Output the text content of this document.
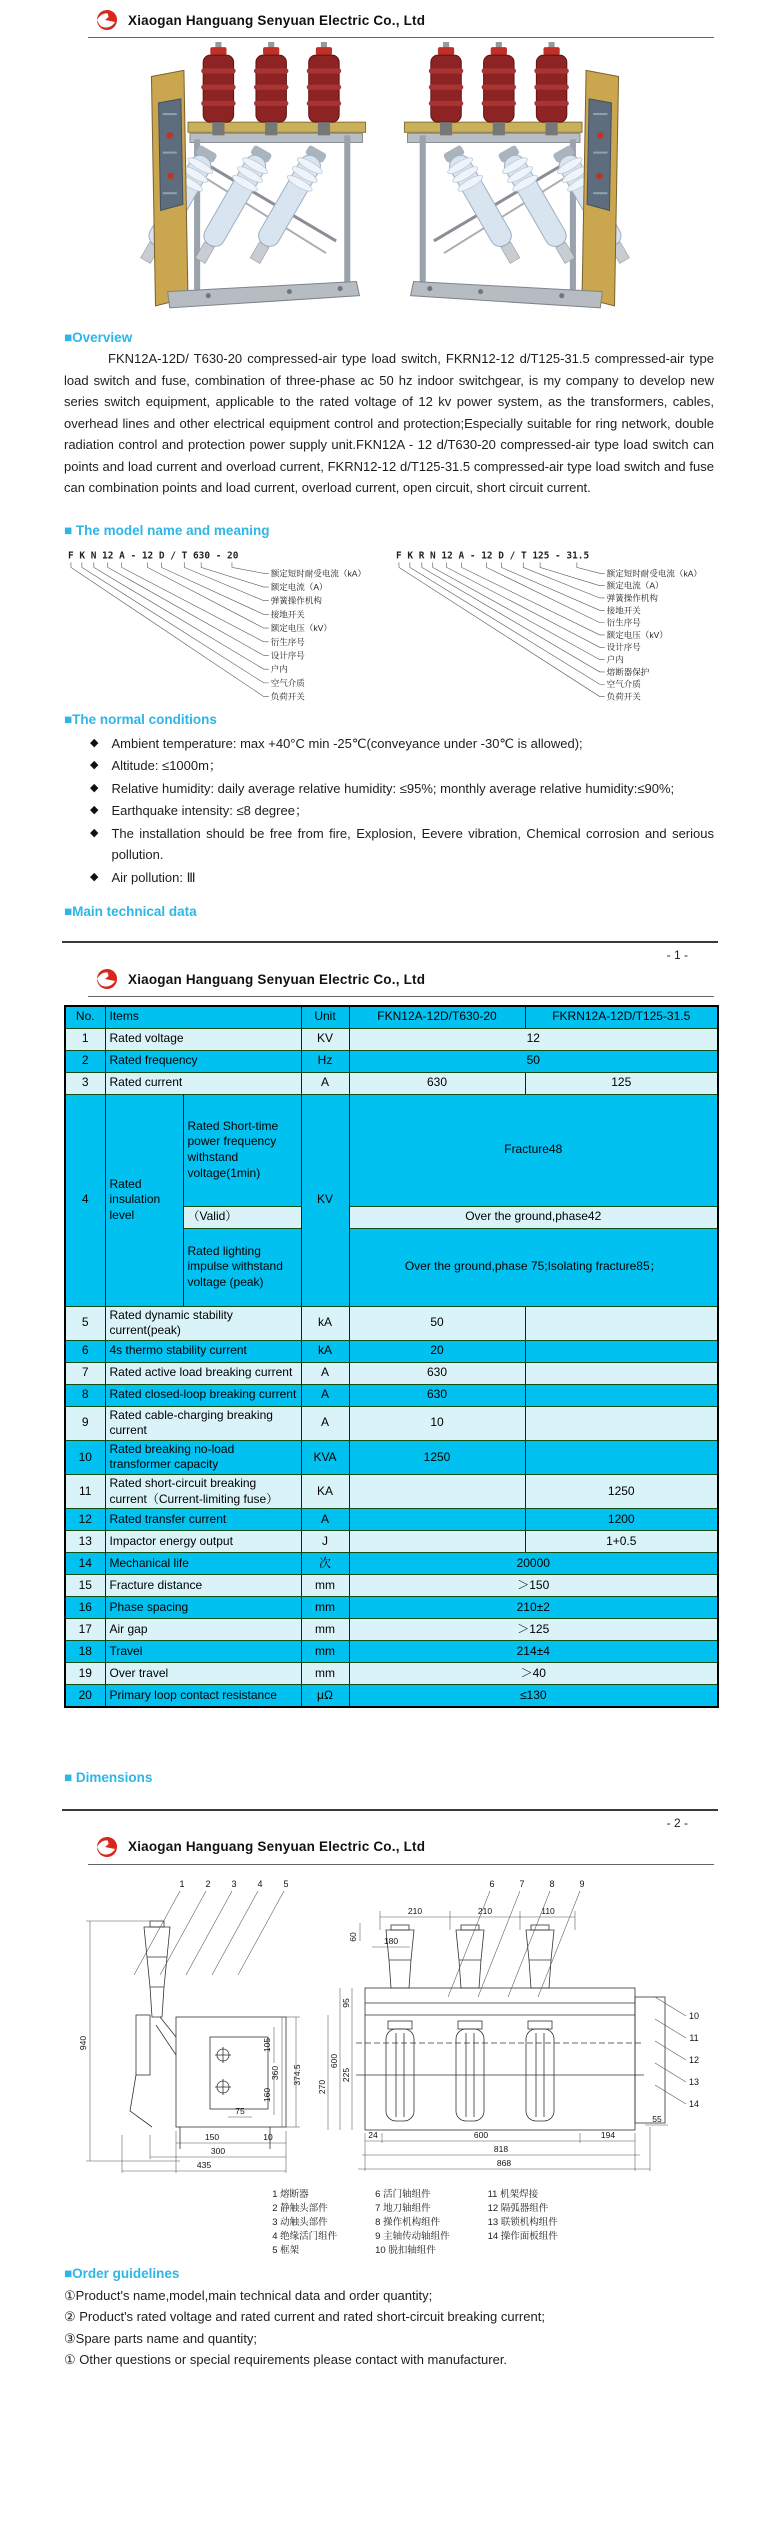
Xiaogan Hanguang Senyuan Electric Co., Ltd
■Overview

FKN12A-12D/ T630-20 compressed-air type load switch, FKRN12-12 d/T125-31.5 compressed-air type load switch and fuse, combination of three-phase ac 50 hz indoor switchgear, is my company to develop new series switch equipment, applicable to the rated voltage of 12 kv power system, as the transformers, cables, overhead lines and other electrical equipment control and protection;Especially suitable for ring network, double radiation control and protection power supply unit.FKN12A - 12 d/T630-20 compressed-air type load switch can points and load current and overload current, FKRN12-12 d/T125-31.5 compressed-air type load switch and fuse can combination points and load current, overload current, open circuit, short circuit current.

■ The model name and meaning
F K N 12 A - 12 D / T 630 - 20
额定短时耐受电流（kA）
额定电流（A）
弹簧操作机构
接地开关
额定电压（kV）
衍生序号
设计序号
户内
空气介质
负荷开关
F K R N 12 A - 12 D / T 125 - 31.5
额定短时耐受电流（kA）
额定电流（A）
弹簧操作机构
接地开关
衍生序号
额定电压（kV）
设计序号
户内
熔断器保护
空气介质
负荷开关
■The normal conditions
◆ Ambient temperature: max +40°C min -25℃(conveyance under -30℃ is allowed);
◆ Altitude: ≤1000m；
◆ Relative humidity: daily average relative humidity: ≤95%; monthly average relative humidity:≤90%;
◆ Earthquake intensity: ≤8 degree；
◆ The installation should be free from fire, Explosion, Eevere vibration, Chemical corrosion and serious pollution.
◆ Air pollution: Ⅲ
■Main technical data
- 1 -
Xiaogan Hanguang Senyuan Electric Co., Ltd
No.	Items		Unit	FKN12A-12D/T630-20	FKRN12A-12D/T125-31.5
1	Rated voltage		KV	12	
2	Rated frequency		Hz	50	
3	Rated current		A	630	125
4	Rated insulation level	Rated Short-time power frequency withstand voltage(1min)	KV	Fracture48	
		（Valid）		Over the ground,phase42	
		Rated lighting impulse withstand voltage (peak)		Over the ground,phase 75;Isolating fracture85；	
5	Rated dynamic stability current(peak)		kA	50	
6	4s thermo stability current		kA	20	
7	Rated active load breaking current		A	630	
8	Rated closed-loop breaking current		A	630	
9	Rated cable-charging breaking current		A	10	
10	Rated breaking no-load transformer capacity		KVA	1250	
11	Rated short-circuit breaking current（Current-limiting fuse）		KA		1250
12	Rated transfer current		A		1200
13	Impactor energy output		J		1+0.5
14	Mechanical life		次	20000	
15	Fracture distance		mm	＞150	
16	Phase spacing		mm	210±2	
17	Air gap		mm	＞125	
18	Travel		mm	214±4	
19	Over travel		mm	＞40	
20	Primary loop contact resistance		μΩ	≤130	
■ Dimensions
- 2 -
Xiaogan Hanguang Senyuan Electric Co., Ltd
940
374.5
105
360
160
75
150	10
300
435
210	210	110
60	180
95
225
600
270
24	600	194
818
868
55
1 2 3 4 5	6	7	8	9
10
11
12
13
14
1 熔断器
2 静触头部件
3 动触头部件
4 绝缘活门组件
5 框架
6 活门轴组件
7 地刀轴组件
8 操作机构组件
9 主轴传动轴组件
10 脱扣轴组件
11 机架焊接
12 隔弧器组件
13 联锁机构组件
14 操作面板组件
■Order guidelines
①Product's name,model,main technical data and order quantity;
② Product's rated voltage and rated current and rated short-circuit breaking current;
③Spare parts name and quantity;
① Other questions or special requirements please contact with manufacturer.
